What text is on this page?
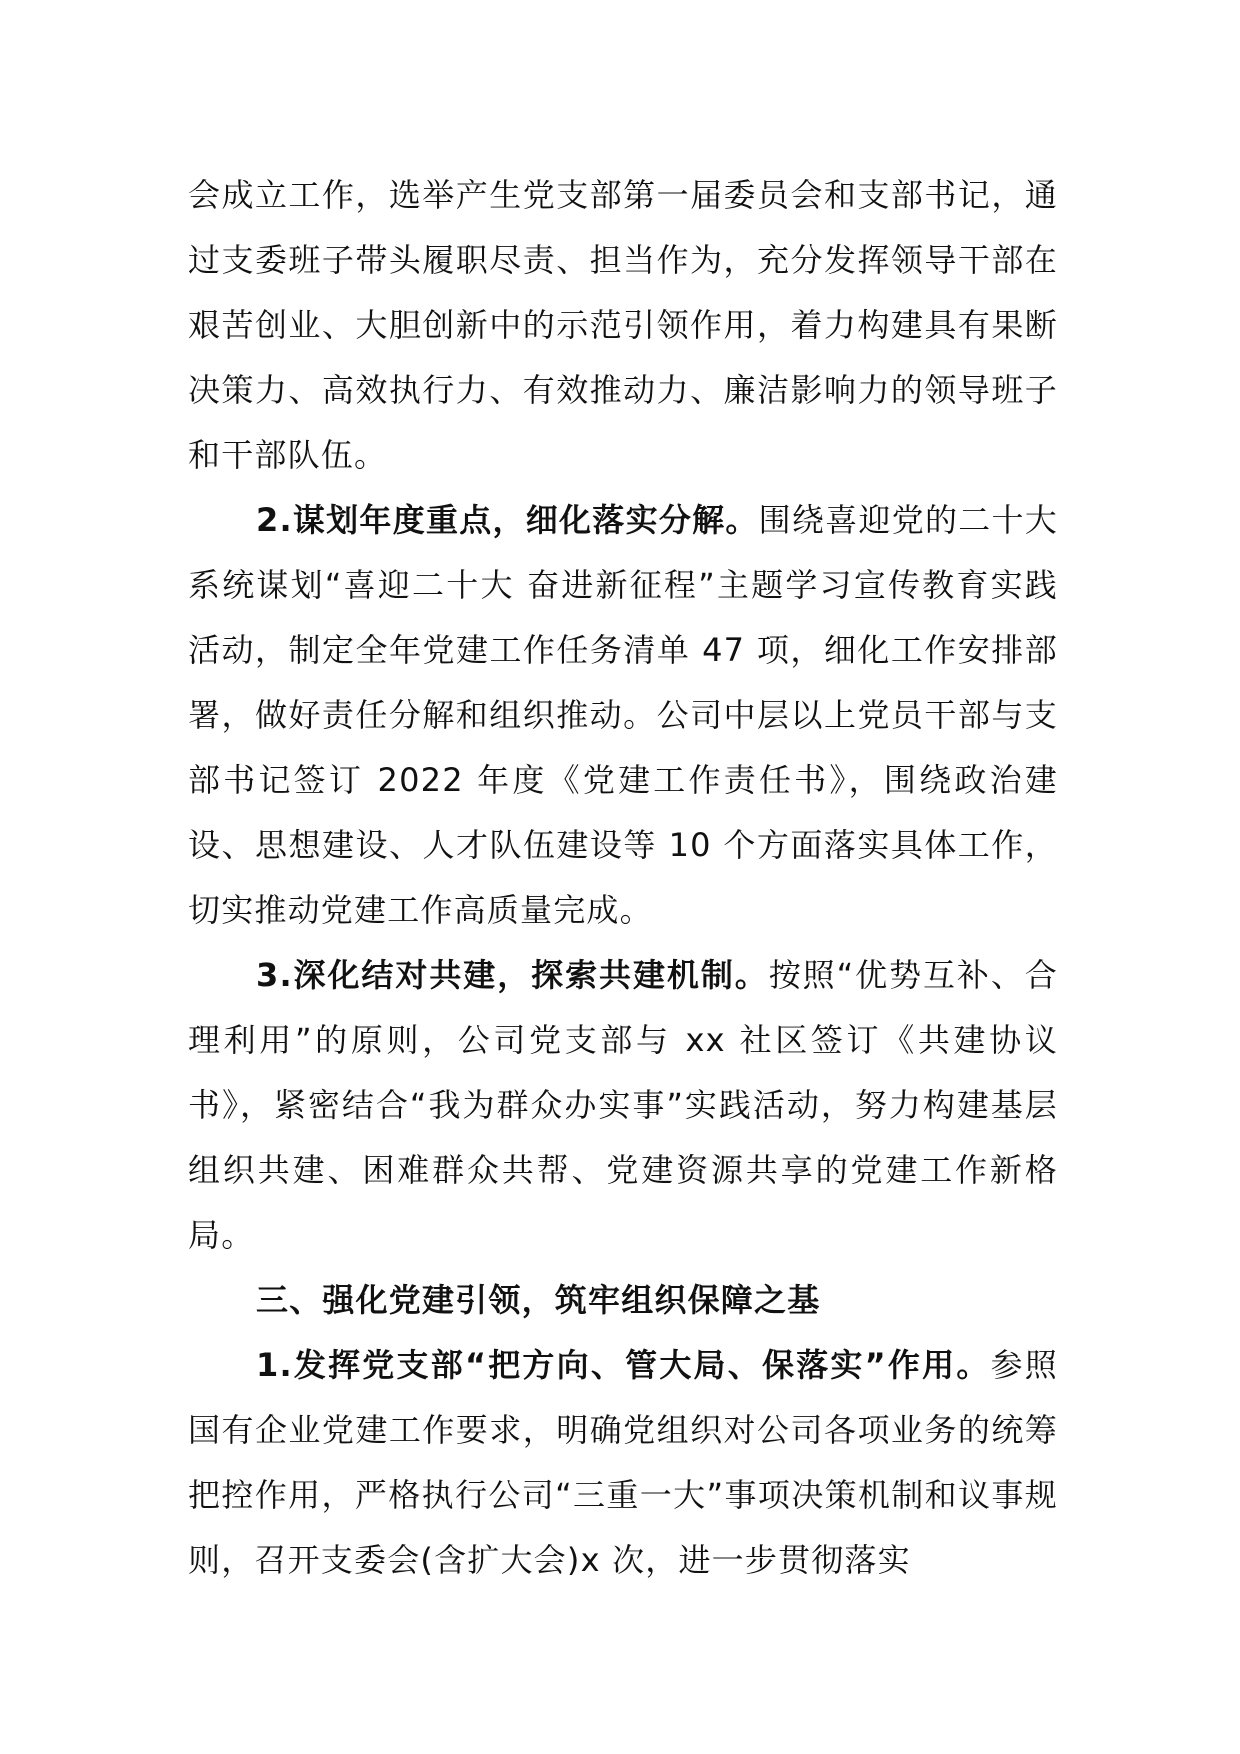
会成立工作，选举产生党支部第一届委员会和支部书记，通过支委班子带头履职尽责、担当作为，充分发挥领导干部在艰苦创业、大胆创新中的示范引领作用，着力构建具有果断决策力、高效执行力、有效推动力、廉洁影响力的领导班子和干部队伍。

2.谋划年度重点，细化落实分解。围绕喜迎党的二十大系统谋划“喜迎二十大 奋进新征程”主题学习宣传教育实践活动，制定全年党建工作任务清单 47 项，细化工作安排部署，做好责任分解和组织推动。公司中层以上党员干部与支部书记签订 2022 年度《党建工作责任书》，围绕政治建设、思想建设、人才队伍建设等 10 个方面落实具体工作，切实推动党建工作高质量完成。

3.深化结对共建，探索共建机制。按照“优势互补、合理利用”的原则，公司党支部与 xx 社区签订《共建协议书》，紧密结合“我为群众办实事”实践活动，努力构建基层组织共建、困难群众共帮、党建资源共享的党建工作新格局。

三、强化党建引领，筑牢组织保障之基

1.发挥党支部“把方向、管大局、保落实”作用。参照国有企业党建工作要求，明确党组织对公司各项业务的统筹把控作用，严格执行公司“三重一大”事项决策机制和议事规则，召开支委会(含扩大会)x 次，进一步贯彻落实
